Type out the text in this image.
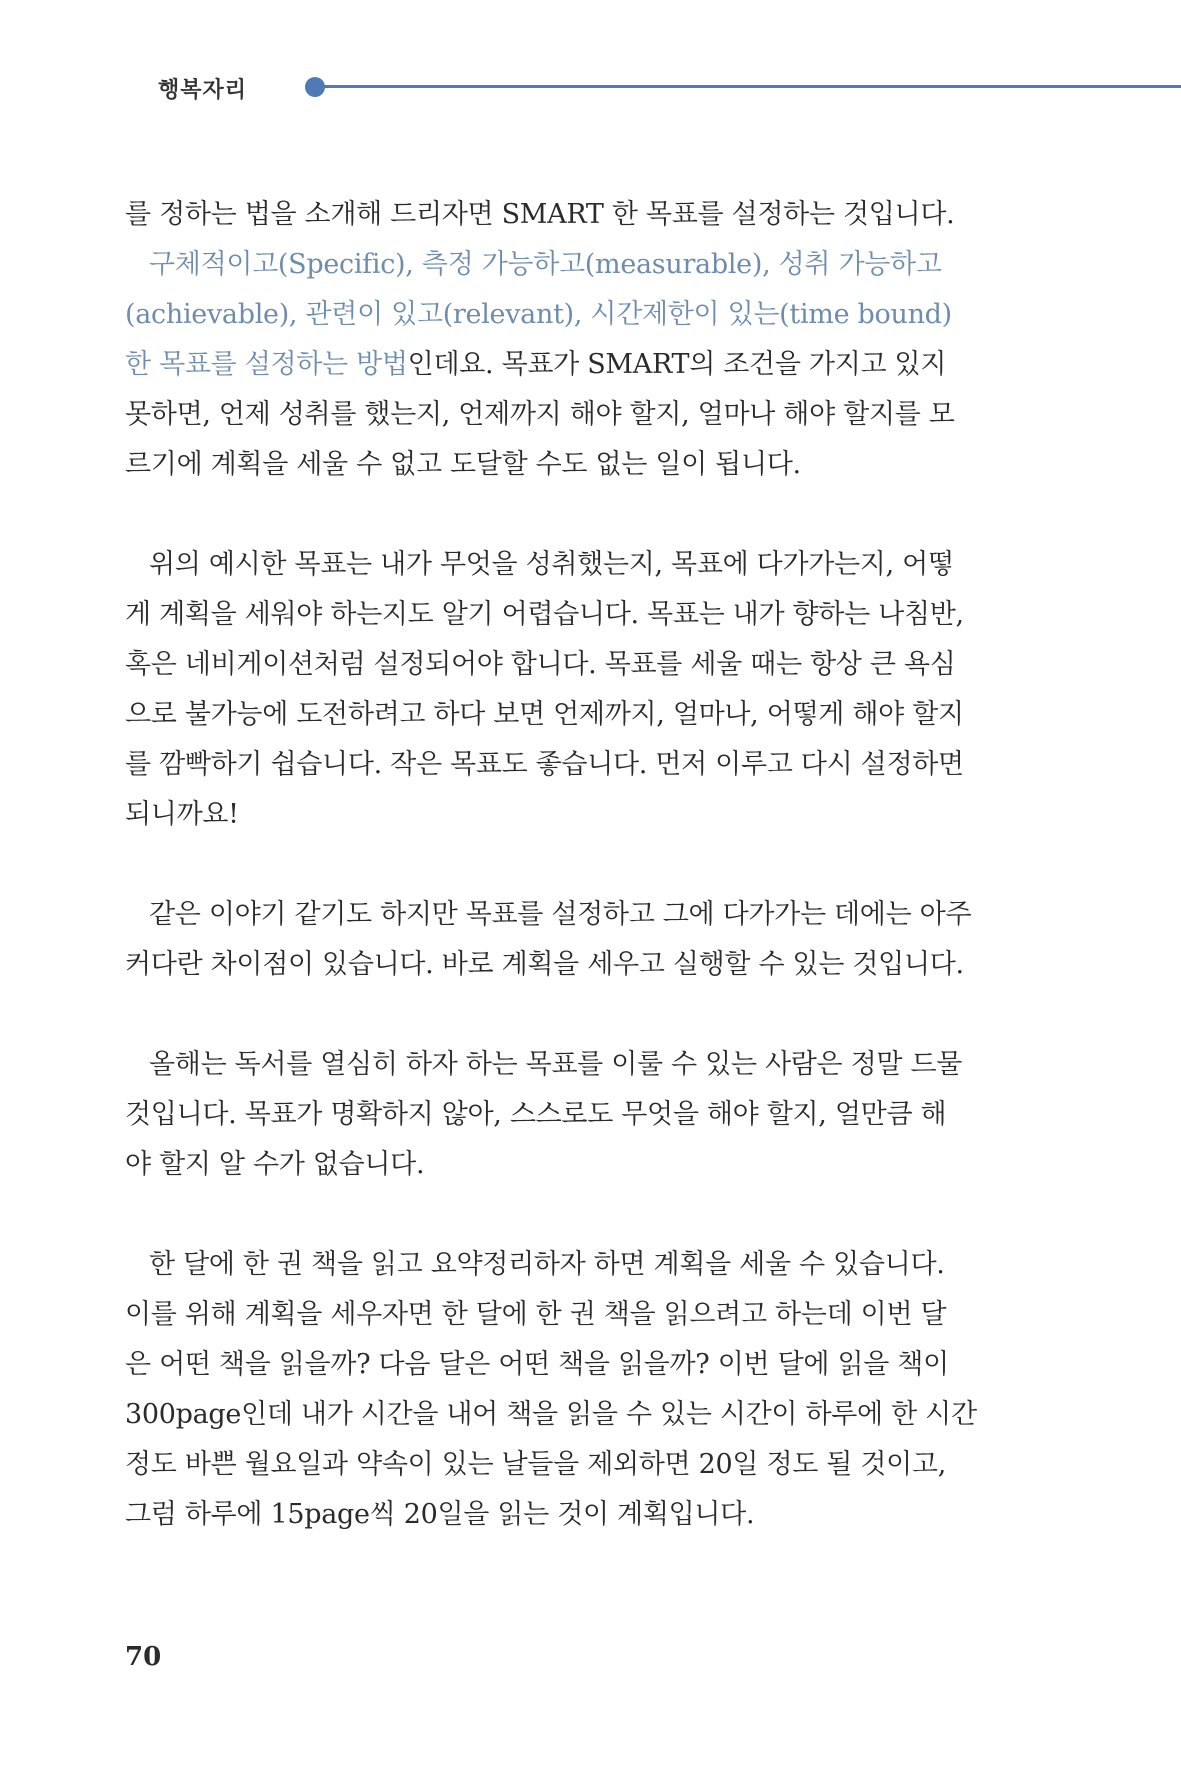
행복자리

를 정하는 법을 소개해 드리자면 SMART 한 목표를 설정하는 것입니다.
구체적이고(Specific), 측정 가능하고(measurable), 성취 가능하고
(achievable), 관련이 있고(relevant), 시간제한이 있는(time bound)
한 목표를 설정하는 방법인데요. 목표가 SMART의 조건을 가지고 있지
못하면, 언제 성취를 했는지, 언제까지 해야 할지, 얼마나 해야 할지를 모
르기에 계획을 세울 수 없고 도달할 수도 없는 일이 됩니다.

위의 예시한 목표는 내가 무엇을 성취했는지, 목표에 다가가는지, 어떻
게 계획을 세워야 하는지도 알기 어렵습니다. 목표는 내가 향하는 나침반,
혹은 네비게이션처럼 설정되어야 합니다. 목표를 세울 때는 항상 큰 욕심
으로 불가능에 도전하려고 하다 보면 언제까지, 얼마나, 어떻게 해야 할지
를 깜빡하기 쉽습니다. 작은 목표도 좋습니다. 먼저 이루고 다시 설정하면
되니까요!

같은 이야기 같기도 하지만 목표를 설정하고 그에 다가가는 데에는 아주
커다란 차이점이 있습니다. 바로 계획을 세우고 실행할 수 있는 것입니다.

올해는 독서를 열심히 하자 하는 목표를 이룰 수 있는 사람은 정말 드물
것입니다. 목표가 명확하지 않아, 스스로도 무엇을 해야 할지, 얼만큼 해
야 할지 알 수가 없습니다.

한 달에 한 권 책을 읽고 요약정리하자 하면 계획을 세울 수 있습니다.
이를 위해 계획을 세우자면 한 달에 한 권 책을 읽으려고 하는데 이번 달
은 어떤 책을 읽을까? 다음 달은 어떤 책을 읽을까? 이번 달에 읽을 책이
300page인데 내가 시간을 내어 책을 읽을 수 있는 시간이 하루에 한 시간
정도 바쁜 월요일과 약속이 있는 날들을 제외하면 20일 정도 될 것이고,
그럼 하루에 15page씩 20일을 읽는 것이 계획입니다.

70
